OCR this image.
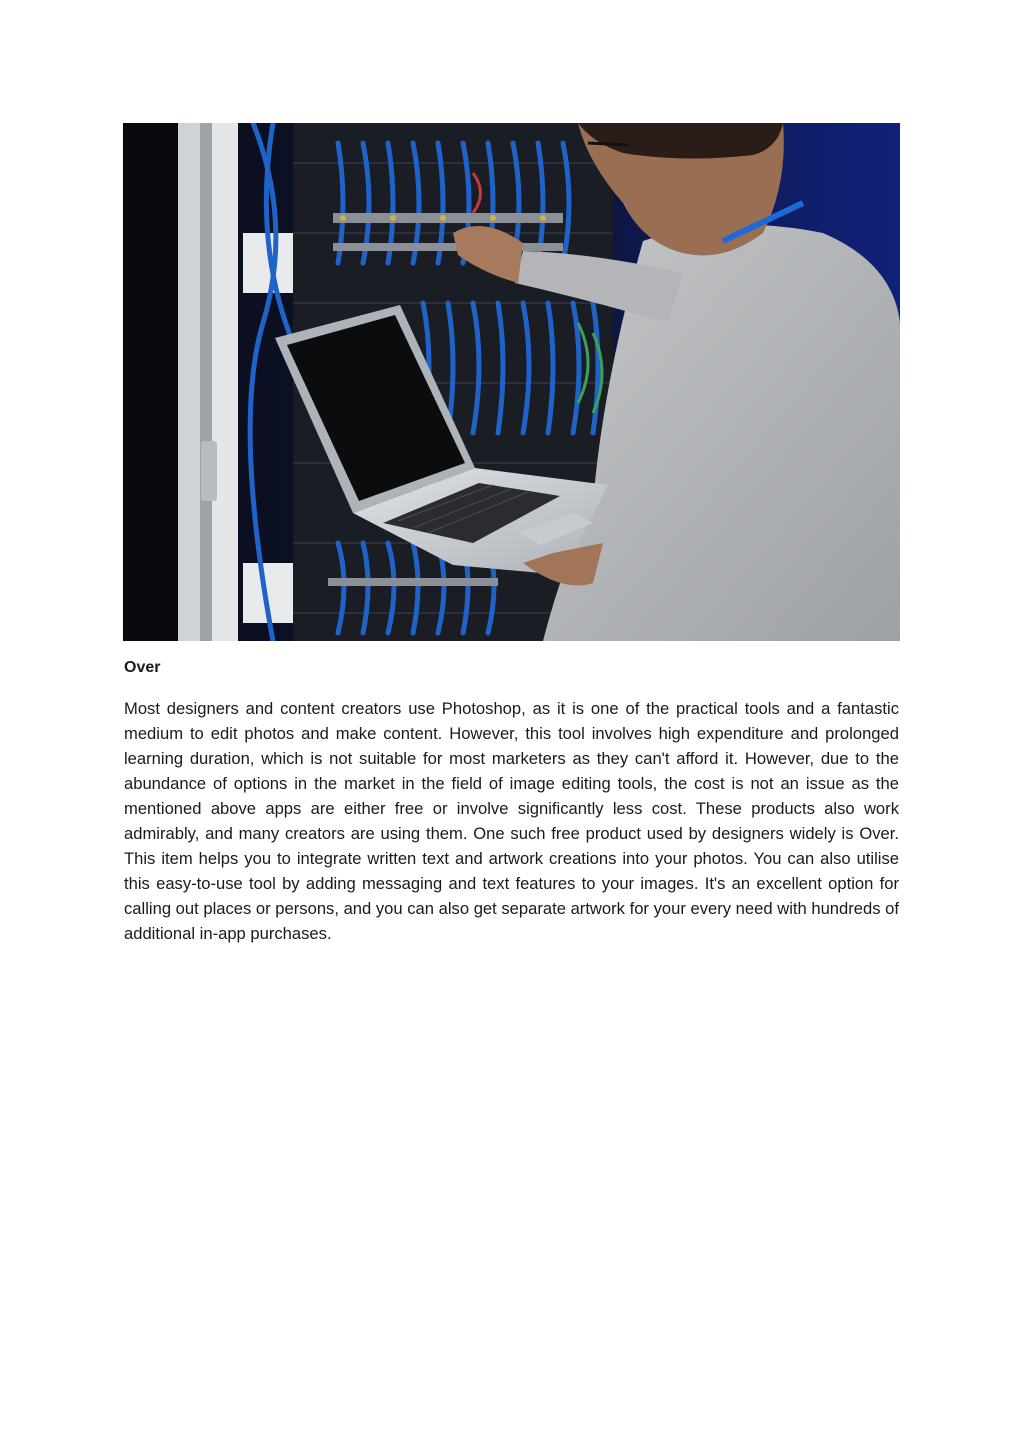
Over

Most designers and content creators use Photoshop, as it is one of the practical tools and a fantastic medium to edit photos and make content. However, this tool involves high expenditure and prolonged learning duration, which is not suitable for most marketers as they can't afford it. However, due to the abundance of options in the market in the field of image editing tools, the cost is not an issue as the mentioned above apps are either free or involve significantly less cost. These products also work admirably, and many creators are using them. One such free product used by designers widely is Over. This item helps you to integrate written text and artwork creations into your photos. You can also utilise this easy-to-use tool by adding messaging and text features to your images. It's an excellent option for calling out places or persons, and you can also get separate artwork for your every need with hundreds of additional in-app purchases.
